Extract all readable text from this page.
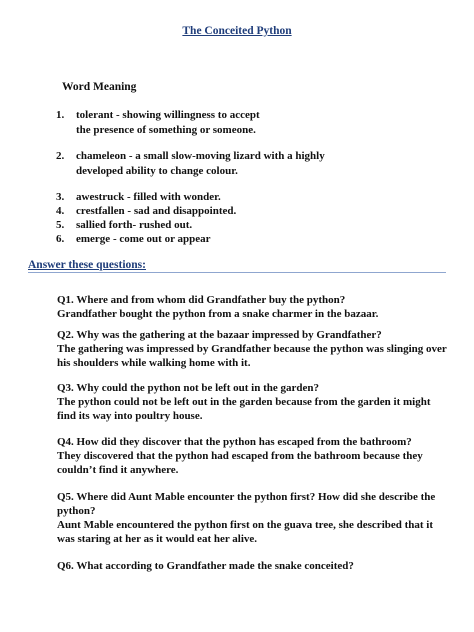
The Conceited Python
Word Meaning
1. tolerant - showing willingness to accept
the presence of something or someone.
2. chameleon - a small slow-moving lizard with a highly
developed ability to change colour.
3. awestruck - filled with wonder.
4. crestfallen - sad and disappointed.
5. sallied forth- rushed out.
6. emerge - come out or appear
Answer these questions:

Q1. Where and from whom did Grandfather buy the python?

Grandfather bought the python from a snake charmer in the bazaar.

Q2. Why was the gathering at the bazaar impressed by Grandfather?

The gathering was impressed by Grandfather because the python was slinging over his shoulders while walking home with it.

Q3. Why could the python not be left out in the garden?

The python could not be left out in the garden because from the garden it might find its way into poultry house.

Q4. How did they discover that the python has escaped from the bathroom?

They discovered that the python had escaped from the bathroom because they couldn’t find it anywhere.

Q5. Where did Aunt Mable encounter the python first? How did she describe the python?

Aunt Mable encountered the python first on the guava tree, she described that it was staring at her as it would eat her alive.

Q6. What according to Grandfather made the snake conceited?
